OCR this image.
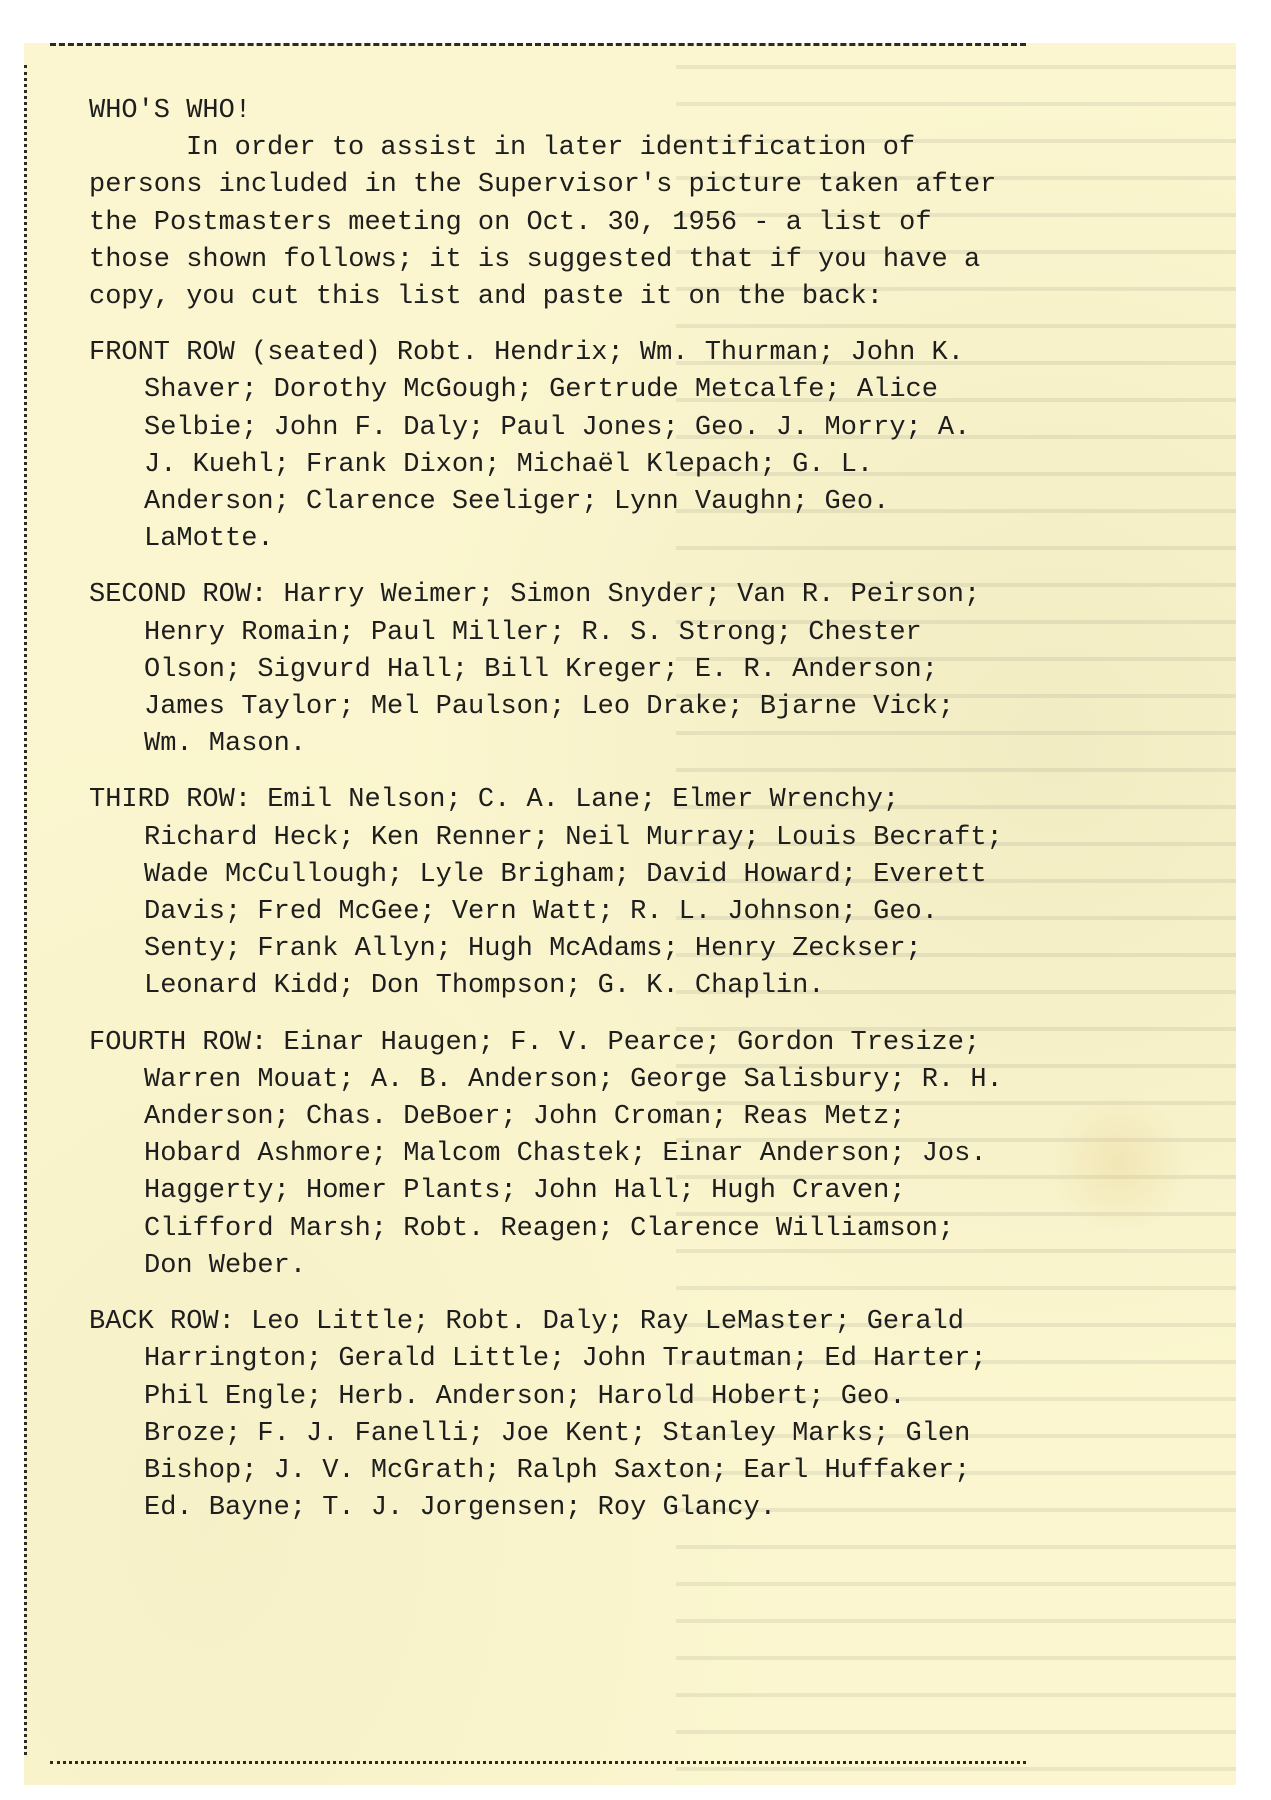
WHO'S WHO!

In order to assist in later identification of persons included in the Supervisor's picture taken after the Postmasters meeting on Oct. 30, 1956 - a list of those shown follows; it is suggested that if you have a copy, you cut this list and paste it on the back:

FRONT ROW (seated) Robt. Hendrix; Wm. Thurman; John K. Shaver; Dorothy McGough; Gertrude Metcalfe; Alice Selbie; John F. Daly; Paul Jones; Geo. J. Morry; A. J. Kuehl; Frank Dixon; Michaël Klepach; G. L. Anderson; Clarence Seeliger; Lynn Vaughn; Geo. LaMotte.

SECOND ROW: Harry Weimer; Simon Snyder; Van R. Peirson; Henry Romain; Paul Miller; R. S. Strong; Chester Olson; Sigvurd Hall; Bill Kreger; E. R. Anderson; James Taylor; Mel Paulson; Leo Drake; Bjarne Vick; Wm. Mason.

THIRD ROW: Emil Nelson; C. A. Lane; Elmer Wrenchy; Richard Heck; Ken Renner; Neil Murray; Louis Becraft; Wade McCullough; Lyle Brigham; David Howard; Everett Davis; Fred McGee; Vern Watt; R. L. Johnson; Geo. Senty; Frank Allyn; Hugh McAdams; Henry Zeckser; Leonard Kidd; Don Thompson; G. K. Chaplin.

FOURTH ROW: Einar Haugen; F. V. Pearce; Gordon Tresize; Warren Mouat; A. B. Anderson; George Salisbury; R. H. Anderson; Chas. DeBoer; John Croman; Reas Metz; Hobard Ashmore; Malcom Chastek; Einar Anderson; Jos. Haggerty; Homer Plants; John Hall; Hugh Craven; Clifford Marsh; Robt. Reagen; Clarence Williamson; Don Weber.

BACK ROW: Leo Little; Robt. Daly; Ray LeMaster; Gerald Harrington; Gerald Little; John Trautman; Ed Harter; Phil Engle; Herb. Anderson; Harold Hobert; Geo. Broze; F. J. Fanelli; Joe Kent; Stanley Marks; Glen Bishop; J. V. McGrath; Ralph Saxton; Earl Huffaker; Ed. Bayne; T. J. Jorgensen; Roy Glancy.
